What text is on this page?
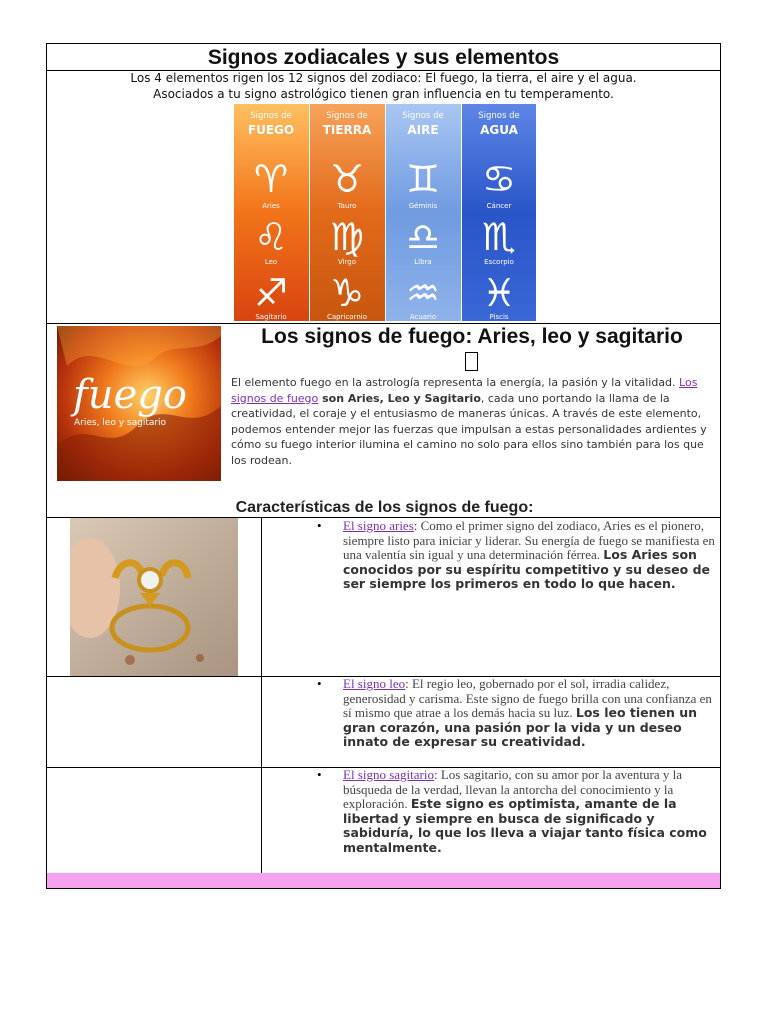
Signos zodiacales y sus elementos
Los 4 elementos rigen los 12 signos del zodiaco: El fuego, la tierra, el aire y el agua.
Asociados a tu signo astrológico tienen gran influencia en tu temperamento.
Signos de
FUEGO
Signos de
TIERRA
Signos de
AIRE
Signos de
AGUA
♈
♌
♐
♉
♍
♑
♊
♎
♒
♋
♏
♓
Aries
Leo
Sagitario
Tauro
Virgo
Capricornio
Géminis
Libra
Acuario
Cáncer
Escorpio
Piscis
fuego
Aries, leo y sagitario
Los signos de fuego: Aries, leo y sagitario
El elemento fuego en la astrología representa la energía, la pasión y la vitalidad. Los signos de fuego son Aries, Leo y Sagitario, cada uno portando la llama de la creatividad, el coraje y el entusiasmo de maneras únicas. A través de este elemento, podemos entender mejor las fuerzas que impulsan a estas personalidades ardientes y cómo su fuego interior ilumina el camino no solo para ellos sino también para los que los rodean.
Características de los signos de fuego:
• El signo aries: Como el primer signo del zodiaco, Aries es el pionero, siempre listo para iniciar y liderar. Su energía de fuego se manifiesta en una valentía sin igual y una determinación férrea. Los Aries son conocidos por su espíritu competitivo y su deseo de ser siempre los primeros en todo lo que hacen.
• El signo leo: El regio leo, gobernado por el sol, irradia calidez, generosidad y carisma. Este signo de fuego brilla con una confianza en sí mismo que atrae a los demás hacia su luz. Los leo tienen un gran corazón, una pasión por la vida y un deseo innato de expresar su creatividad.
• El signo sagitario: Los sagitario, con su amor por la aventura y la búsqueda de la verdad, llevan la antorcha del conocimiento y la exploración. Este signo es optimista, amante de la libertad y siempre en busca de significado y sabiduría, lo que los lleva a viajar tanto física como mentalmente.
